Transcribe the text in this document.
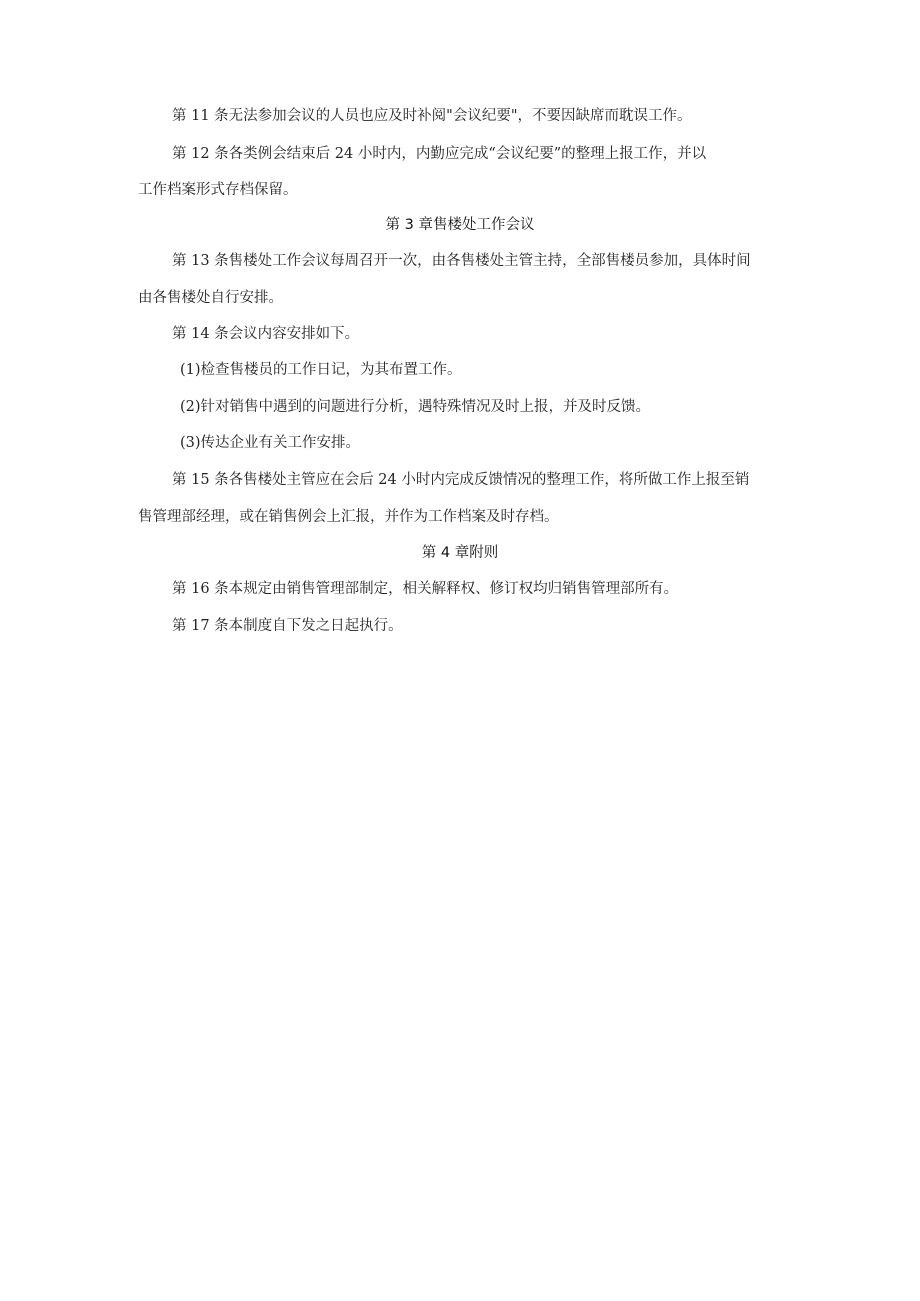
第 11 条无法参加会议的人员也应及时补阅"会议纪要"，不要因缺席而耽误工作。
第 12 条各类例会结束后 24 小时内，内勤应完成“会议纪要”的整理上报工作，并以
工作档案形式存档保留。
第 3 章售楼处工作会议
第 13 条售楼处工作会议每周召开一次，由各售楼处主管主持，全部售楼员参加，具体时间
由各售楼处自行安排。
第 14 条会议内容安排如下。
(1)检查售楼员的工作日记，为其布置工作。
(2)针对销售中遇到的问题进行分析，遇特殊情况及时上报，并及时反馈。
(3)传达企业有关工作安排。
第 15 条各售楼处主管应在会后 24 小时内完成反馈情况的整理工作，将所做工作上报至销
售管理部经理，或在销售例会上汇报，并作为工作档案及时存档。
第 4 章附则
第 16 条本规定由销售管理部制定，相关解释权、修订权均归销售管理部所有。
第 17 条本制度自下发之日起执行。
